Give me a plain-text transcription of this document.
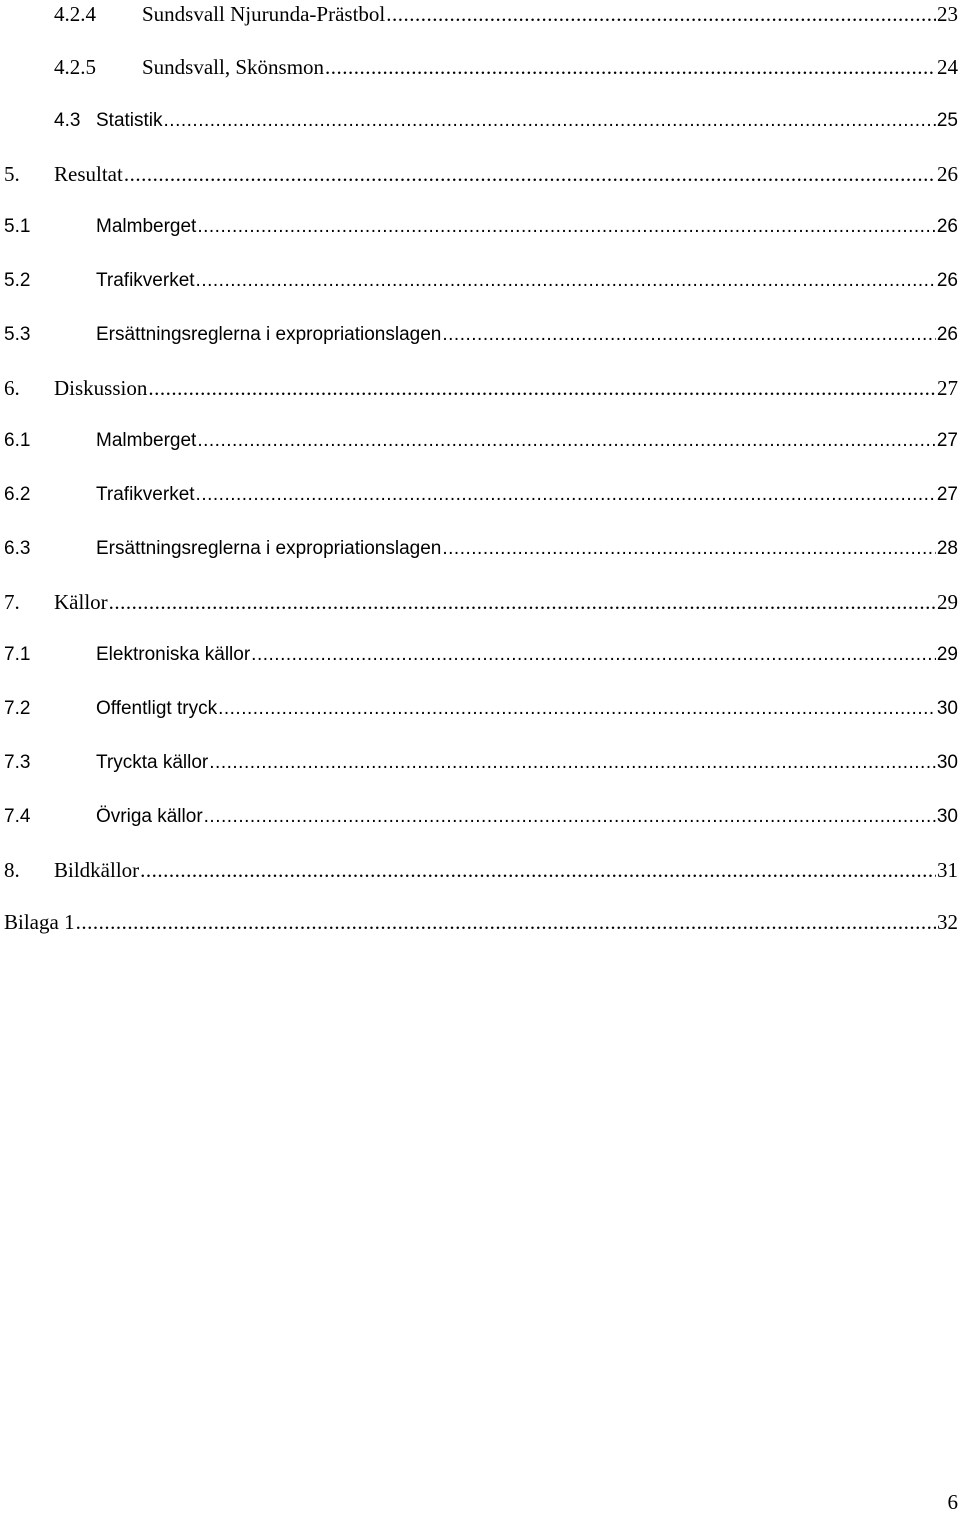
4.2.4	Sundsvall Njurunda-Prästbol .....	23
4.2.5	Sundsvall, Skönsmon .....	24
4.3 Statistik .....	25
5.	Resultat .....	26
5.1	Malmberget .....	26
5.2	Trafikverket .....	26
5.3	Ersättningsreglerna i expropriationslagen .....	26
6.	Diskussion .....	27
6.1	Malmberget .....	27
6.2	Trafikverket .....	27
6.3	Ersättningsreglerna i expropriationslagen .....	28
7.	Källor .....	29
7.1	Elektroniska källor .....	29
7.2	Offentligt tryck .....	30
7.3	Tryckta källor .....	30
7.4	Övriga källor .....	30
8.	Bildkällor .....	31
Bilaga 1 .....	32
6
